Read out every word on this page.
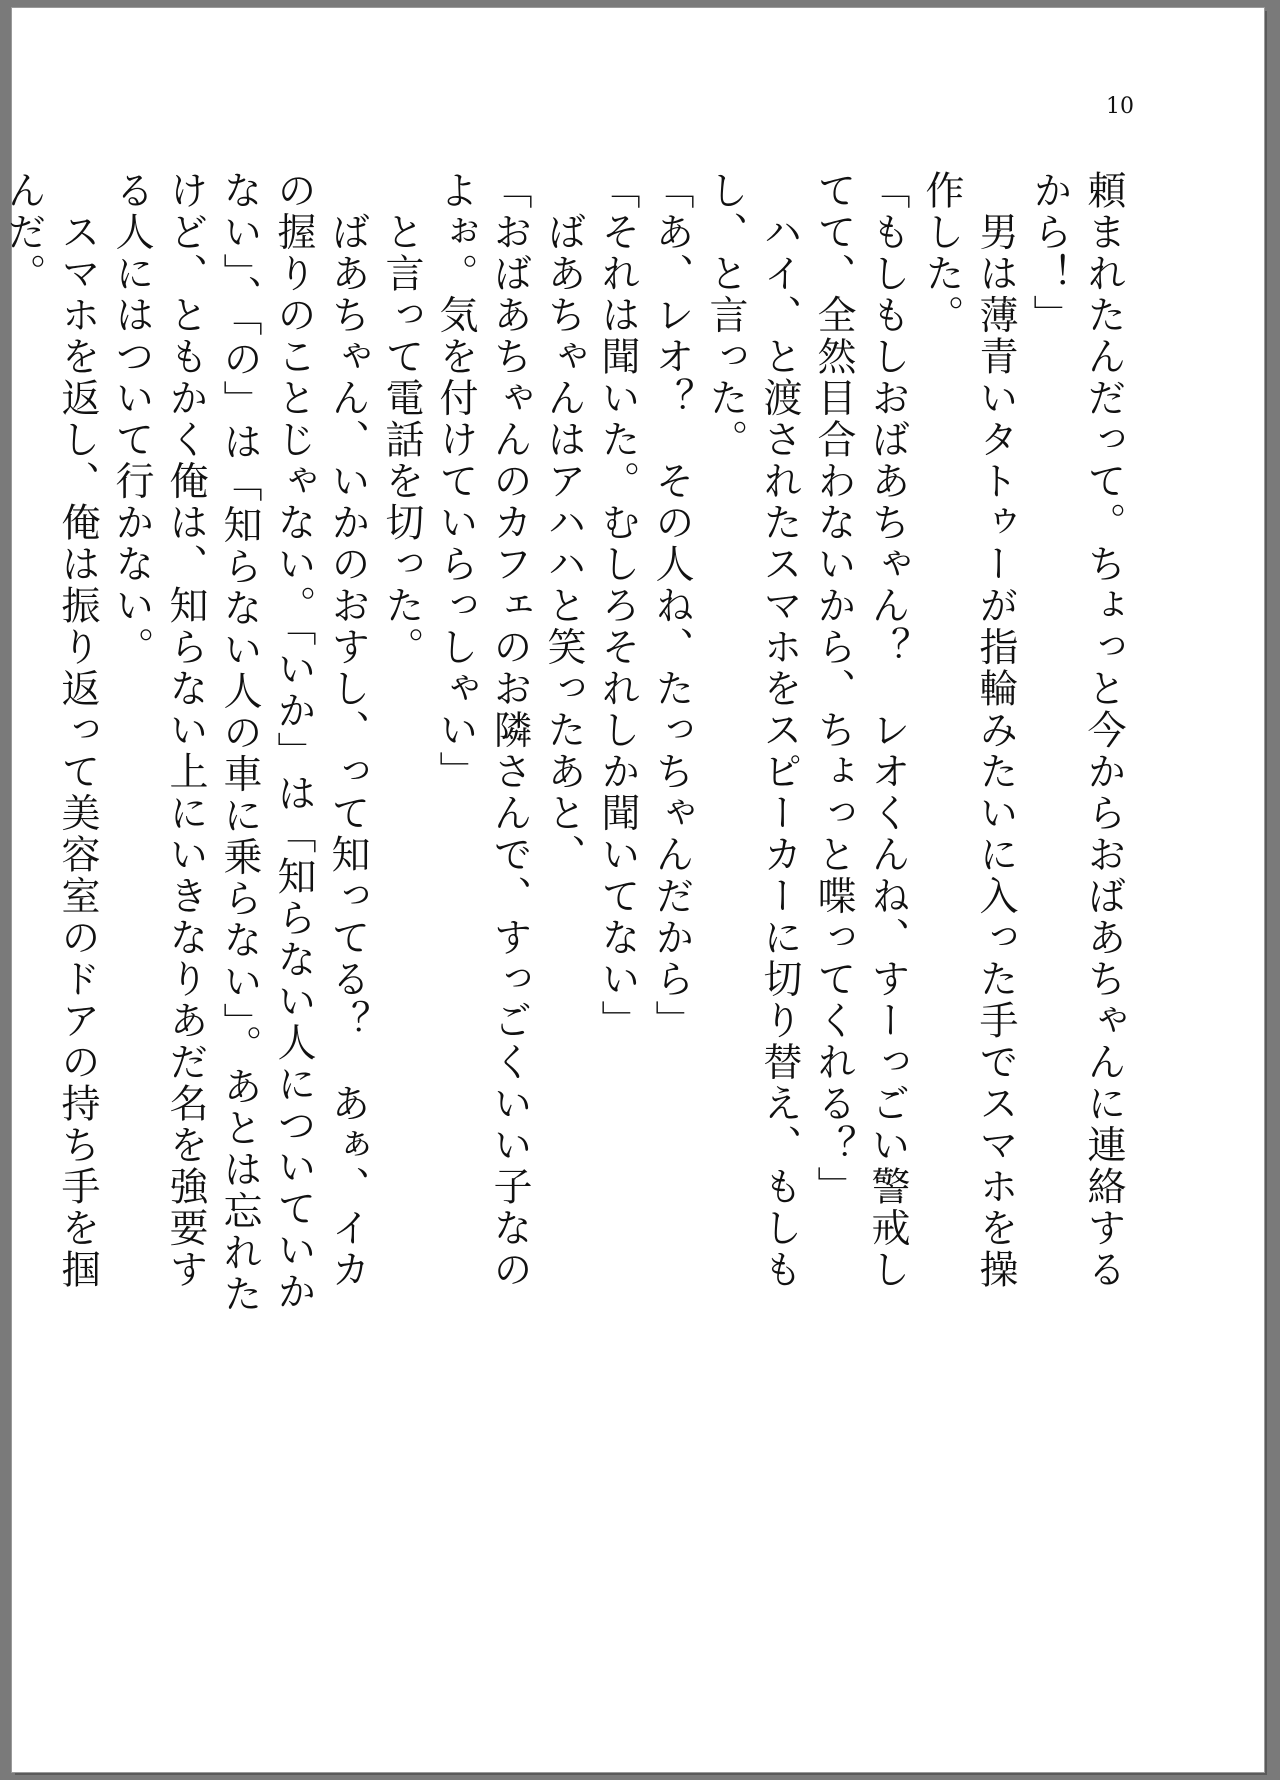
10

頼まれたんだって。ちょっと今からおばあちゃんに連絡するから！」

　男は薄青いタトゥーが指輪みたいに入った手でスマホを操作した。

「もしもしおばあちゃん？　レオくんね、すーっごい警戒してて、全然目合わないから、ちょっと喋ってくれる？」

　ハイ、と渡されたスマホをスピーカーに切り替え、もしもし、と言った。

「あ、レオ？　その人ね、たっちゃんだから」

「それは聞いた。むしろそれしか聞いてない」

　ばあちゃんはアハハと笑ったあと、

「おばあちゃんのカフェのお隣さんで、すっごくいい子なのよぉ。気を付けていらっしゃい」

　と言って電話を切った。

　ばあちゃん、いかのおすし、って知ってる？　あぁ、イカの握りのことじゃない。「いか」は「知らない人についていかない」、「の」は「知らない人の車に乗らない」。あとは忘れたけど、ともかく俺は、知らない上にいきなりあだ名を強要する人にはついて行かない。

　スマホを返し、俺は振り返って美容室のドアの持ち手を掴んだ。
